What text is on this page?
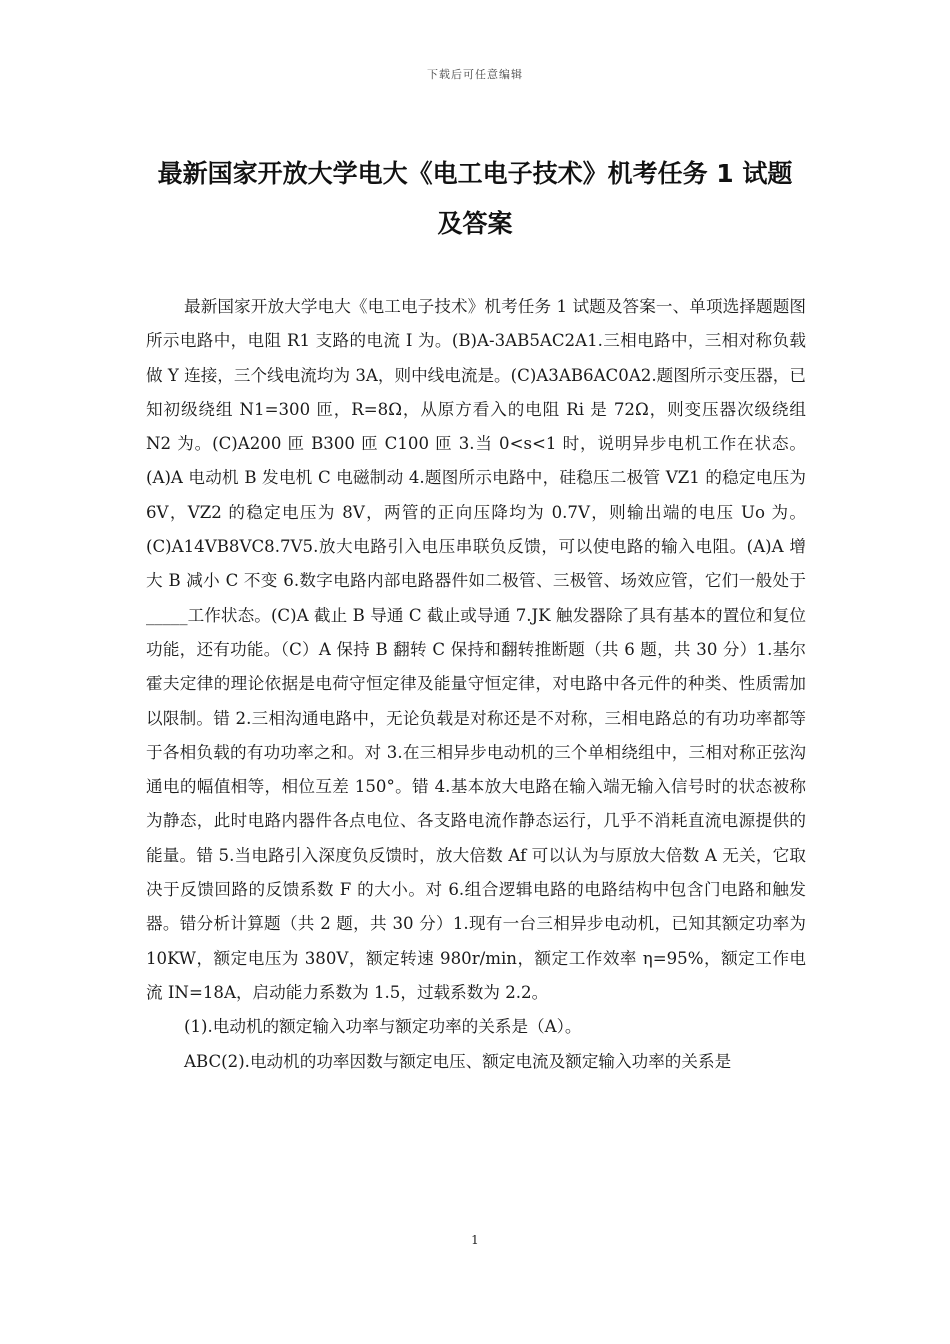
下载后可任意编辑
最新国家开放大学电大《电工电子技术》机考任务 1 试题
及答案

最新国家开放大学电大《电工电子技术》机考任务 1 试题及答案一、单项选择题题图所示电路中，电阻 R1 支路的电流 I 为。(B)A-3AB5AC2A1.三相电路中，三相对称负载做 Y 连接，三个线电流均为 3A，则中线电流是。(C)A3AB6AC0A2.题图所示变压器，已知初级绕组 N1=300 匝，R=8Ω，从原方看入的电阻 Ri 是 72Ω，则变压器次级绕组 N2 为。(C)A200 匝 B300 匝 C100 匝 3.当 0<s<1 时，说明异步电机工作在状态。(A)A 电动机 B 发电机 C 电磁制动 4.题图所示电路中，硅稳压二极管 VZ1 的稳定电压为 6V，VZ2 的稳定电压为 8V，两管的正向压降均为 0.7V，则输出端的电压 Uo 为。(C)A14VB8VC8.7V5.放大电路引入电压串联负反馈，可以使电路的输入电阻。(A)A 增大 B 减小 C 不变 6.数字电路内部电路器件如二极管、三极管、场效应管，它们一般处于_____工作状态。(C)A 截止 B 导通 C 截止或导通 7.JK 触发器除了具有基本的置位和复位功能，还有功能。（C）A 保持 B 翻转 C 保持和翻转推断题（共 6 题，共 30 分）1.基尔霍夫定律的理论依据是电荷守恒定律及能量守恒定律，对电路中各元件的种类、性质需加以限制。错 2.三相沟通电路中，无论负载是对称还是不对称，三相电路总的有功功率都等于各相负载的有功功率之和。对 3.在三相异步电动机的三个单相绕组中，三相对称正弦沟通电的幅值相等，相位互差 150°。错 4.基本放大电路在输入端无输入信号时的状态被称为静态，此时电路内器件各点电位、各支路电流作静态运行，几乎不消耗直流电源提供的能量。错 5.当电路引入深度负反馈时，放大倍数 Af 可以认为与原放大倍数 A 无关，它取决于反馈回路的反馈系数 F 的大小。对 6.组合逻辑电路的电路结构中包含门电路和触发器。错分析计算题（共 2 题，共 30 分）1.现有一台三相异步电动机，已知其额定功率为 10KW，额定电压为 380V，额定转速 980r/min，额定工作效率 η=95%，额定工作电流 IN=18A，启动能力系数为 1.5，过载系数为 2.2。

(1).电动机的额定输入功率与额定功率的关系是（A）。

ABC(2).电动机的功率因数与额定电压、额定电流及额定输入功率的关系是

1
